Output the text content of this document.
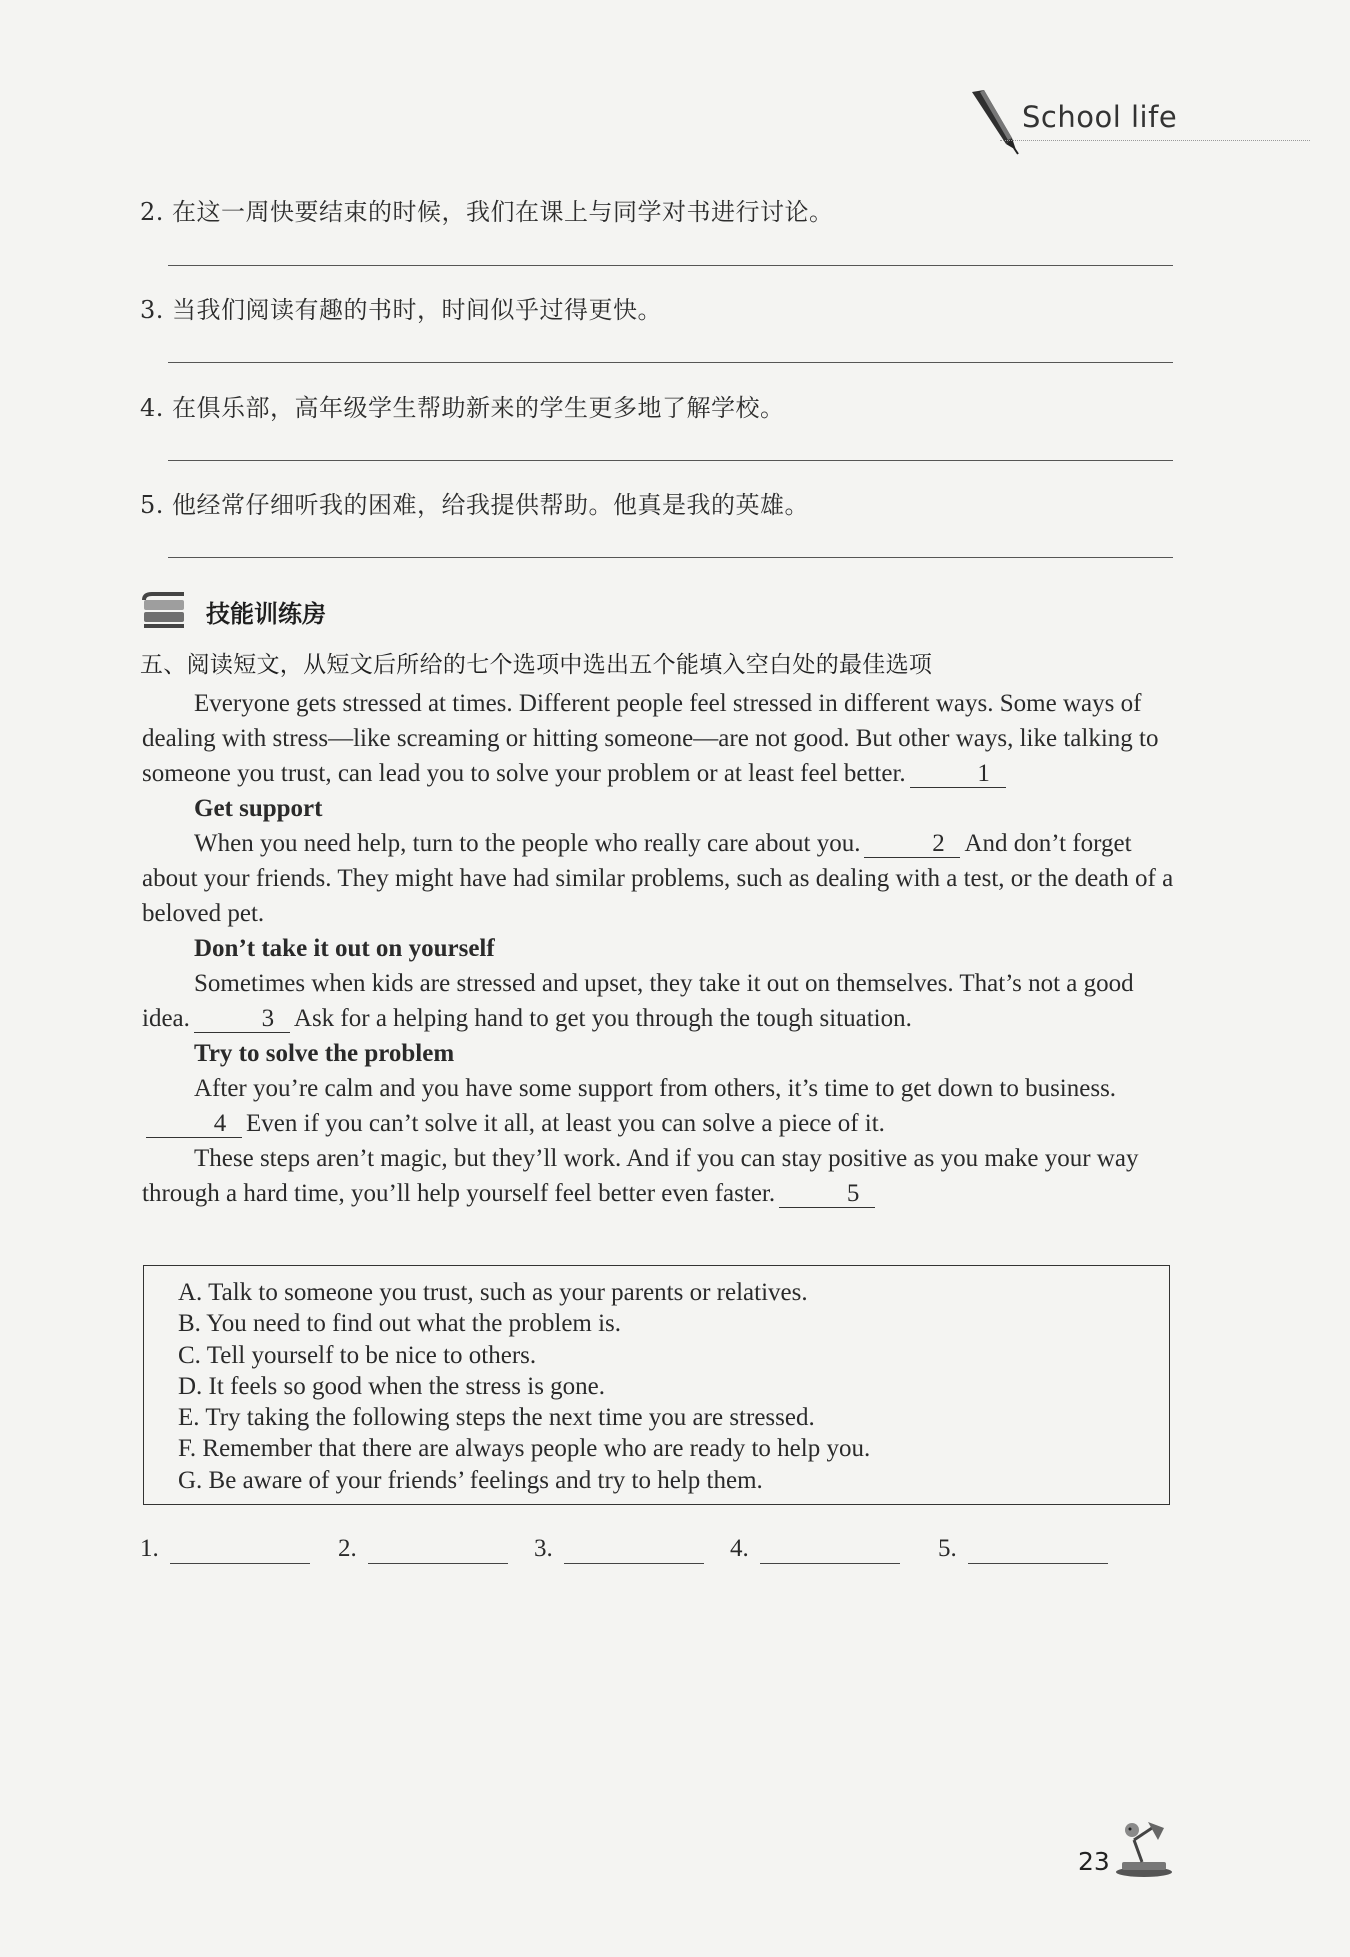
School life
2. 在这一周快要结束的时候，我们在课上与同学对书进行讨论。
3. 当我们阅读有趣的书时，时间似乎过得更快。
4. 在俱乐部，高年级学生帮助新来的学生更多地了解学校。
5. 他经常仔细听我的困难，给我提供帮助。他真是我的英雄。
技能训练房
五、阅读短文，从短文后所给的七个选项中选出五个能填入空白处的最佳选项

Everyone gets stressed at times. Different people feel stressed in different ways. Some ways of dealing with stress—like screaming or hitting someone—are not good. But other ways, like talking to someone you trust, can lead you to solve your problem or at least feel better.	1

Get support

When you need help, turn to the people who really care about you.	2 And don’t forget about your friends. They might have had similar problems, such as dealing with a test, or the death of a beloved pet.

Don’t take it out on yourself

Sometimes when kids are stressed and upset, they take it out on themselves. That’s not a good idea.	3 Ask for a helping hand to get you through the tough situation.

Try to solve the problem

After you’re calm and you have some support from others, it’s time to get down to business.4 Even if you can’t solve it all, at least you can solve a piece of it.

These steps aren’t magic, but they’ll work. And if you can stay positive as you make your way through a hard time, you’ll help yourself feel better even faster.	5

A. Talk to someone you trust, such as your parents or relatives.
B. You need to find out what the problem is.
C. Tell yourself to be nice to others.
D. It feels so good when the stress is gone.
E. Try taking the following steps the next time you are stressed.
F. Remember that there are always people who are ready to help you.
G. Be aware of your friends’ feelings and try to help them.
1.	2.	3.	4.	5.
23
